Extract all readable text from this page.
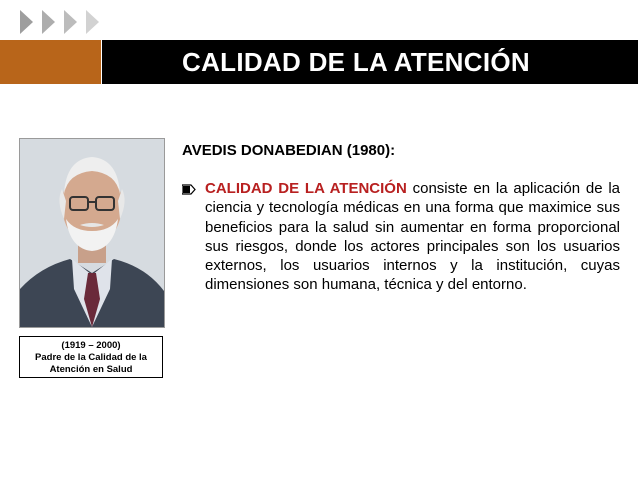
CALIDAD DE LA ATENCIÓN
(1919 – 2000)
Padre de la Calidad de la
Atención en Salud
AVEDIS DONABEDIAN (1980):
CALIDAD DE LA ATENCIÓN consiste en la aplicación de la ciencia y tecnología médicas en una forma que maximice sus beneficios para la salud sin aumentar en forma proporcional sus riesgos, donde los actores principales son los usuarios externos, los usuarios internos y la institución, cuyas dimensiones son humana, técnica y del entorno.
